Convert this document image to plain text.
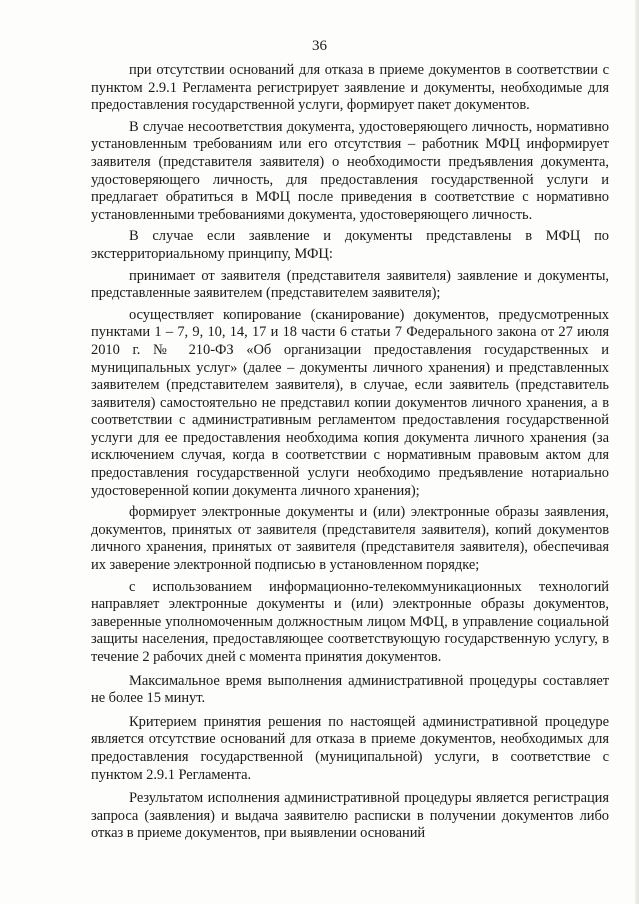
36

при отсутствии оснований для отказа в приеме документов в соответствии с пунктом 2.9.1 Регламента регистрирует заявление и документы, необходимые для предоставления государственной услуги, формирует пакет документов.

В случае несоответствия документа, удостоверяющего личность, нормативно установленным требованиям или его отсутствия – работник МФЦ информирует заявителя (представителя заявителя) о необходимости предъявления документа, удостоверяющего личность, для предоставления государственной услуги и предлагает обратиться в МФЦ после приведения в соответствие с нормативно установленными требованиями документа, удостоверяющего личность.

В случае если заявление и документы представлены в МФЦ по экстерриториальному принципу, МФЦ:

принимает от заявителя (представителя заявителя) заявление и документы, представленные заявителем (представителем заявителя);

осуществляет копирование (сканирование) документов, предусмотренных пунктами 1 – 7, 9, 10, 14, 17 и 18 части 6 статьи 7 Федерального закона от 27 июля 2010 г. № 210-ФЗ «Об организации предоставления государственных и муниципальных услуг» (далее – документы личного хранения) и представленных заявителем (представителем заявителя), в случае, если заявитель (представитель заявителя) самостоятельно не представил копии документов личного хранения, а в соответствии с административным регламентом предоставления государственной услуги для ее предоставления необходима копия документа личного хранения (за исключением случая, когда в соответствии с нормативным правовым актом для предоставления государственной услуги необходимо предъявление нотариально удостоверенной копии документа личного хранения);

формирует электронные документы и (или) электронные образы заявления, документов, принятых от заявителя (представителя заявителя), копий документов личного хранения, принятых от заявителя (представителя заявителя), обеспечивая их заверение электронной подписью в установленном порядке;

с использованием информационно-телекоммуникационных технологий направляет электронные документы и (или) электронные образы документов, заверенные уполномоченным должностным лицом МФЦ, в управление социальной защиты населения, предоставляющее соответствующую государственную услугу, в течение 2 рабочих дней с момента принятия документов.

Максимальное время выполнения административной процедуры составляет не более 15 минут.

Критерием принятия решения по настоящей административной процедуре является отсутствие оснований для отказа в приеме документов, необходимых для предоставления государственной (муниципальной) услуги, в соответствие с пунктом 2.9.1 Регламента.

Результатом исполнения административной процедуры является регистрация запроса (заявления) и выдача заявителю расписки в получении документов либо отказ в приеме документов, при выявлении оснований
